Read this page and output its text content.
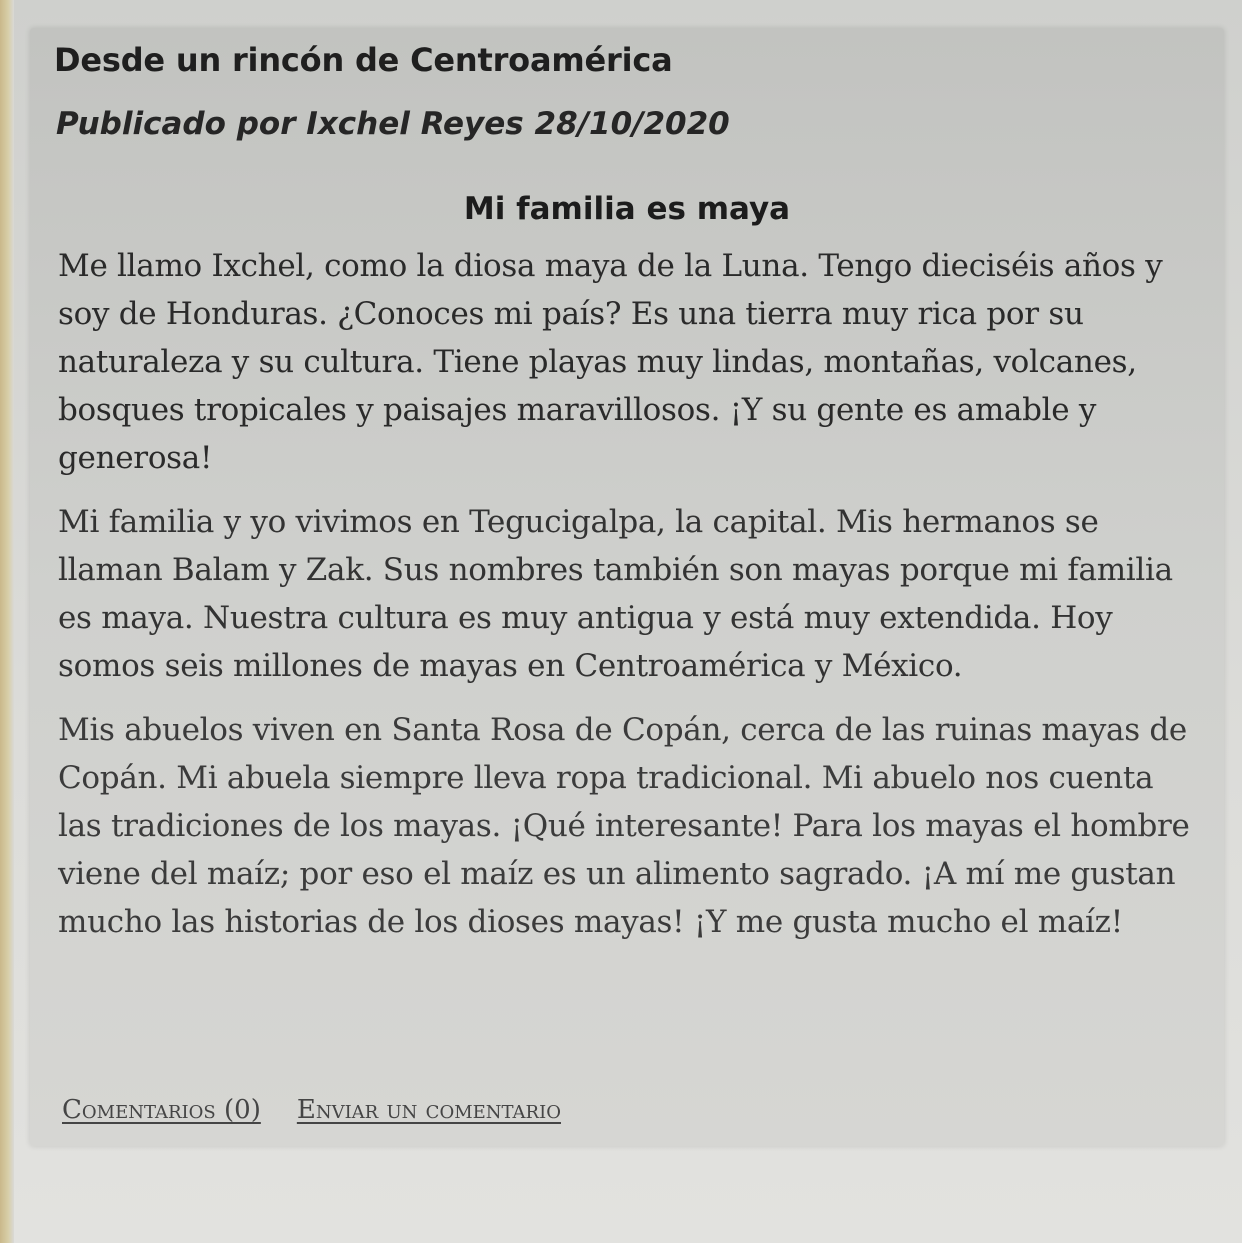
Desde un rincón de Centroamérica

Publicado por Ixchel Reyes 28/10/2020

Mi familia es maya

Me llamo Ixchel, como la diosa maya de la Luna. Tengo dieciséis años y soy de Honduras. ¿Conoces mi país? Es una tierra muy rica por su naturaleza y su cultura. Tiene playas muy lindas, montañas, volcanes, bosques tropicales y paisajes maravillosos. ¡Y su gente es amable y generosa!

Mi familia y yo vivimos en Tegucigalpa, la capital. Mis hermanos se llaman Balam y Zak. Sus nombres también son mayas porque mi familia es maya. Nuestra cultura es muy antigua y está muy extendida. Hoy somos seis millones de mayas en Centroamérica y México.

Mis abuelos viven en Santa Rosa de Copán, cerca de las ruinas mayas de Copán. Mi abuela siempre lleva ropa tradicional. Mi abuelo nos cuenta las tradiciones de los mayas. ¡Qué interesante! Para los mayas el hombre viene del maíz; por eso el maíz es un alimento sagrado. ¡A mí me gustan mucho las historias de los dioses mayas! ¡Y me gusta mucho el maíz!

Comentarios (0) Enviar un comentario
